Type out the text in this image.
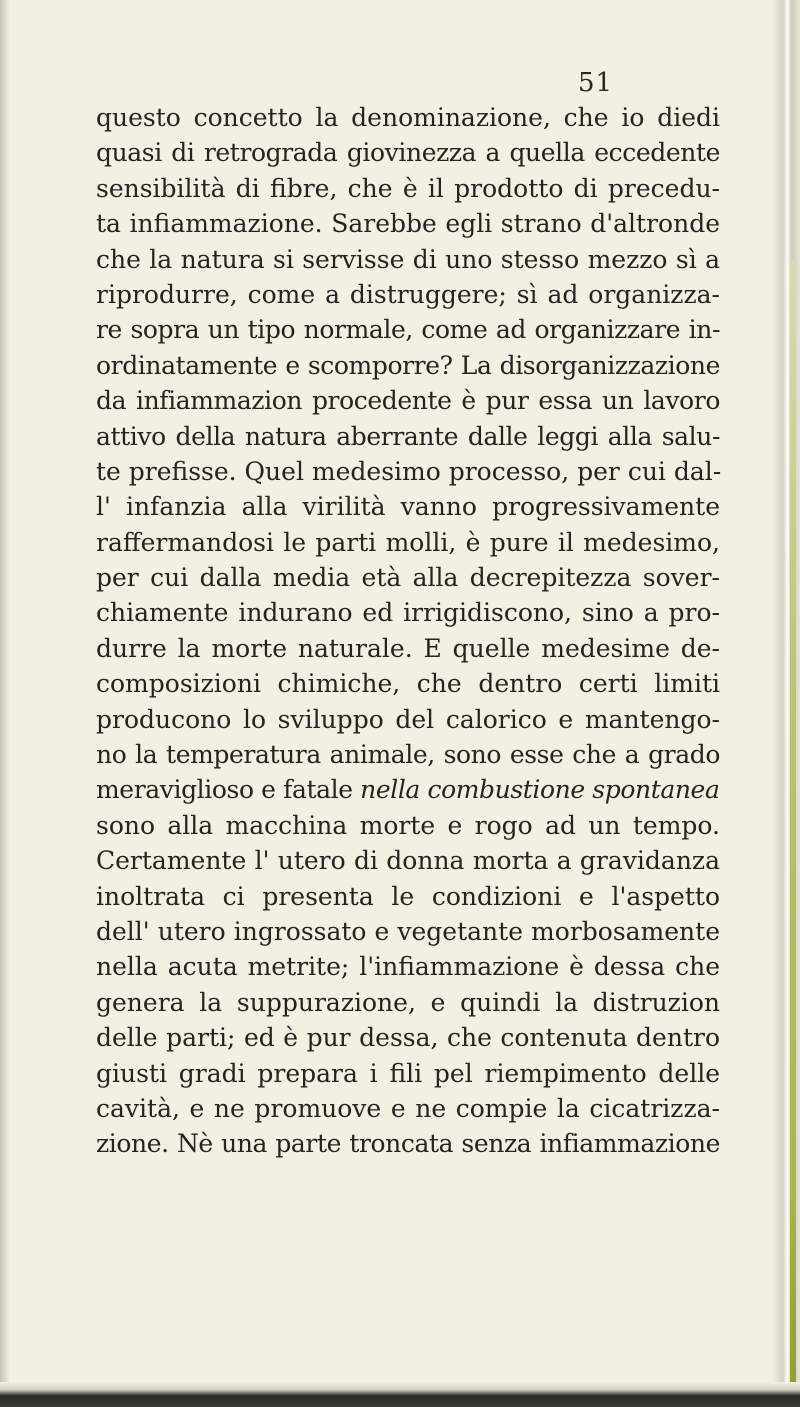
51
questo concetto la denominazione, che io diedi
quasi di retrograda giovinezza a quella eccedente
sensibilità di fibre, che è il prodotto di precedu-
ta infiammazione. Sarebbe egli strano d'altronde
che la natura si servisse di uno stesso mezzo sì a
riprodurre, come a distruggere; sì ad organizza-
re sopra un tipo normale, come ad organizzare in-
ordinatamente e scomporre? La disorganizzazione
da infiammazion procedente è pur essa un lavoro
attivo della natura aberrante dalle leggi alla salu-
te prefisse. Quel medesimo processo, per cui dal-
l' infanzia alla virilità vanno progressivamente
raffermandosi le parti molli, è pure il medesimo,
per cui dalla media età alla decrepitezza sover-
chiamente indurano ed irrigidiscono, sino a pro-
durre la morte naturale. E quelle medesime de-
composizioni chimiche, che dentro certi limiti
producono lo sviluppo del calorico e mantengo-
no la temperatura animale, sono esse che a grado
meraviglioso e fatale nella combustione spontanea
sono alla macchina morte e rogo ad un tempo.
Certamente l' utero di donna morta a gravidanza
inoltrata ci presenta le condizioni e l'aspetto
dell' utero ingrossato e vegetante morbosamente
nella acuta metrite; l'infiammazione è dessa che
genera la suppurazione, e quindi la distruzion
delle parti; ed è pur dessa, che contenuta dentro
giusti gradi prepara i fili pel riempimento delle
cavità, e ne promuove e ne compie la cicatrizza-
zione. Nè una parte troncata senza infiammazione
